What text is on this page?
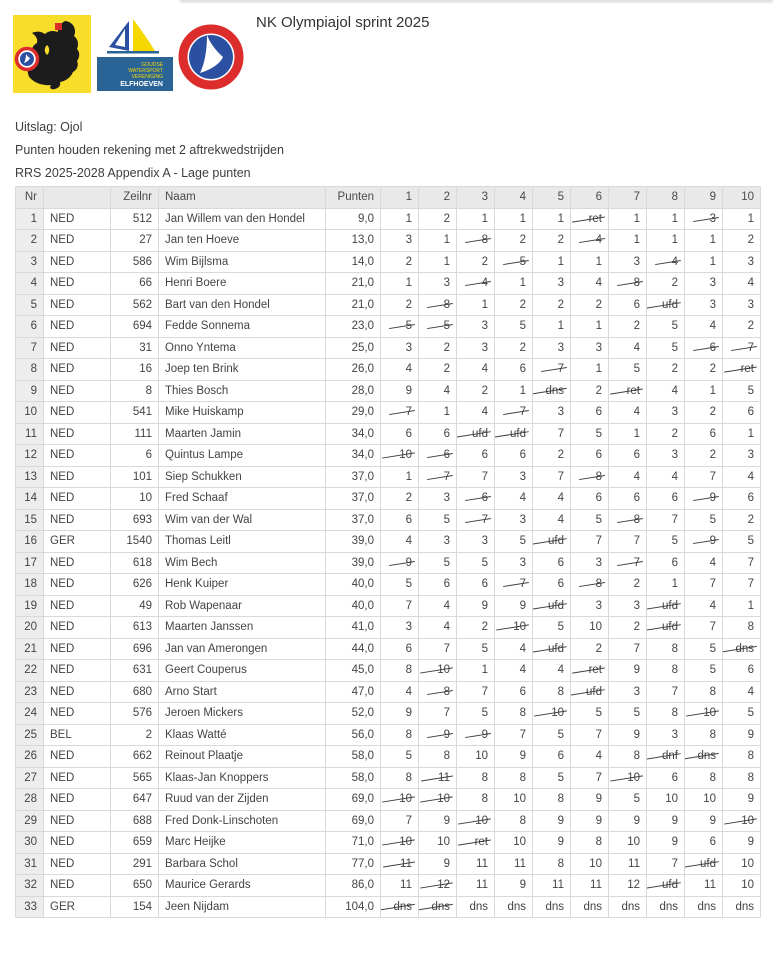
GOUDSE
WATERSPORT
VERENIGING
ELFHOEVEN
NK Olympiajol sprint 2025
Uitslag: Ojol
Punten houden rekening met 2 aftrekwedstrijden
RRS 2025-2028 Appendix A - Lage punten
Nr		Zeilnr	Naam	Punten	1	2	3	4	5	6	7	8	9	10
1	NED	512	Jan Willem van den Hondel	9,0	1	2	1	1	1	ret	1	1	3	1
2	NED	27	Jan ten Hoeve	13,0	3	1	8	2	2	4	1	1	1	2
3	NED	586	Wim Bijlsma	14,0	2	1	2	5	1	1	3	4	1	3
4	NED	66	Henri Boere	21,0	1	3	4	1	3	4	8	2	3	4
5	NED	562	Bart van den Hondel	21,0	2	8	1	2	2	2	6	ufd	3	3
6	NED	694	Fedde Sonnema	23,0	5	5	3	5	1	1	2	5	4	2
7	NED	31	Onno Yntema	25,0	3	2	3	2	3	3	4	5	6	7
8	NED	16	Joep ten Brink	26,0	4	2	4	6	7	1	5	2	2	ret
9	NED	8	Thies Bosch	28,0	9	4	2	1	dns	2	ret	4	1	5
10	NED	541	Mike Huiskamp	29,0	7	1	4	7	3	6	4	3	2	6
11	NED	111	Maarten Jamin	34,0	6	6	ufd	ufd	7	5	1	2	6	1
12	NED	6	Quintus Lampe	34,0	10	6	6	6	2	6	6	3	2	3
13	NED	101	Siep Schukken	37,0	1	7	7	3	7	8	4	4	7	4
14	NED	10	Fred Schaaf	37,0	2	3	6	4	4	6	6	6	9	6
15	NED	693	Wim van der Wal	37,0	6	5	7	3	4	5	8	7	5	2
16	GER	1540	Thomas Leitl	39,0	4	3	3	5	ufd	7	7	5	9	5
17	NED	618	Wim Bech	39,0	9	5	5	3	6	3	7	6	4	7
18	NED	626	Henk Kuiper	40,0	5	6	6	7	6	8	2	1	7	7
19	NED	49	Rob Wapenaar	40,0	7	4	9	9	ufd	3	3	ufd	4	1
20	NED	613	Maarten Janssen	41,0	3	4	2	10	5	10	2	ufd	7	8
21	NED	696	Jan van Amerongen	44,0	6	7	5	4	ufd	2	7	8	5	dns
22	NED	631	Geert Couperus	45,0	8	10	1	4	4	ret	9	8	5	6
23	NED	680	Arno Start	47,0	4	8	7	6	8	ufd	3	7	8	4
24	NED	576	Jeroen Mickers	52,0	9	7	5	8	10	5	5	8	10	5
25	BEL	2	Klaas Watté	56,0	8	9	9	7	5	7	9	3	8	9
26	NED	662	Reinout Plaatje	58,0	5	8	10	9	6	4	8	dnf	dns	8
27	NED	565	Klaas-Jan Knoppers	58,0	8	11	8	8	5	7	10	6	8	8
28	NED	647	Ruud van der Zijden	69,0	10	10	8	10	8	9	5	10	10	9
29	NED	688	Fred Donk-Linschoten	69,0	7	9	10	8	9	9	9	9	9	10
30	NED	659	Marc Heijke	71,0	10	10	ret	10	9	8	10	9	6	9
31	NED	291	Barbara Schol	77,0	11	9	11	11	8	10	11	7	ufd	10
32	NED	650	Maurice Gerards	86,0	11	12	11	9	11	11	12	ufd	11	10
33	GER	154	Jeen Nijdam	104,0	dns	dns	dns	dns	dns	dns	dns	dns	dns	dns
